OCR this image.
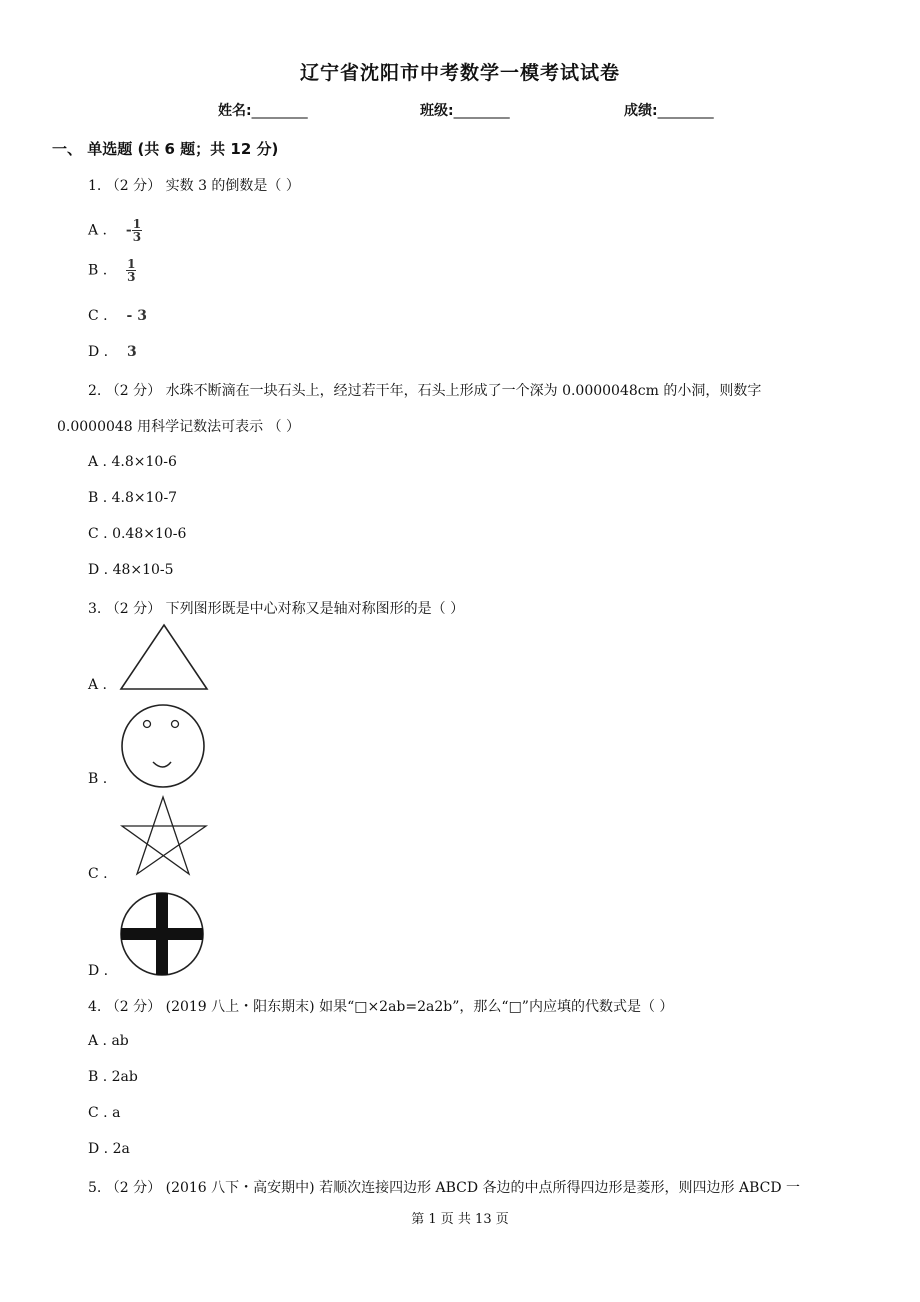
辽宁省沈阳市中考数学一模考试试卷
姓名:________	班级:________	成绩:________
一、 单选题 (共 6 题；共 12 分)
1. （2 分） 实数 3 的倒数是（ ）
A . - $\frac{1}{3}$
B . $\frac{1}{3}$
C . - 3
D . 3
2. （2 分） 水珠不断滴在一块石头上，经过若干年，石头上形成了一个深为 0.0000048cm 的小洞，则数字
0.0000048 用科学记数法可表示 （ ）
A . 4.8×10-6
B . 4.8×10-7
C . 0.48×10-6
D . 48×10-5
3. （2 分） 下列图形既是中心对称又是轴对称图形的是（ ）
A .
B .
C .
D .
4. （2 分） (2019 八上・阳东期末) 如果“□×2ab=2a2b”，那么“□”内应填的代数式是（ ）
A . ab
B . 2ab
C . a
D . 2a
5. （2 分） (2016 八下・高安期中) 若顺次连接四边形 ABCD 各边的中点所得四边形是菱形，则四边形 ABCD 一
第 1 页 共 13 页
